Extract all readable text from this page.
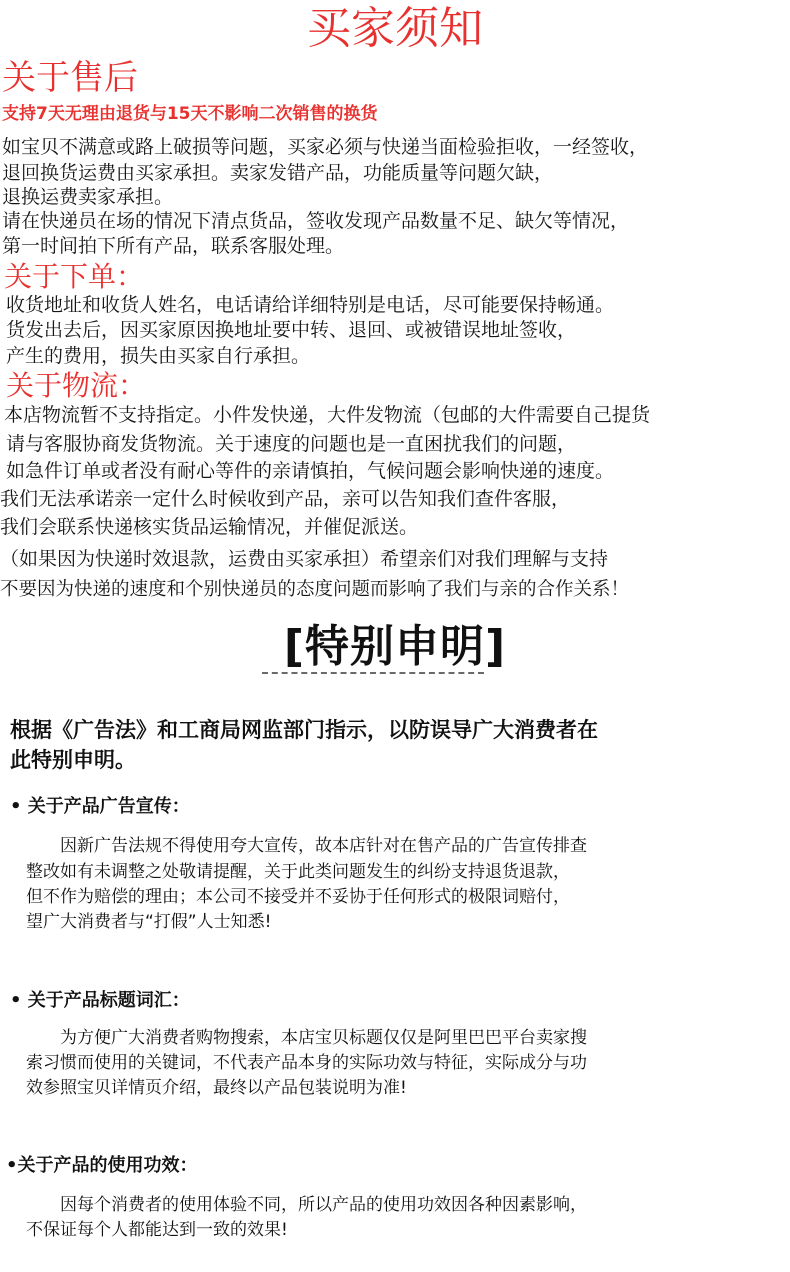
买家须知
关于售后
支持7天无理由退货与15天不影响二次销售的换货
如宝贝不满意或路上破损等问题，买家必须与快递当面检验拒收，一经签收，
退回换货运费由买家承担。卖家发错产品，功能质量等问题欠缺，
退换运费卖家承担。
请在快递员在场的情况下清点货品，签收发现产品数量不足、缺欠等情况，
第一时间拍下所有产品，联系客服处理。
关于下单：
收货地址和收货人姓名，电话请给详细特别是电话，尽可能要保持畅通。
货发出去后，因买家原因换地址要中转、退回、或被错误地址签收，
产生的费用，损失由买家自行承担。
关于物流：
本店物流暂不支持指定。小件发快递，大件发物流（包邮的大件需要自己提货
请与客服协商发货物流。关于速度的问题也是一直困扰我们的问题，
如急件订单或者没有耐心等件的亲请慎拍，气候问题会影响快递的速度。
我们无法承诺亲一定什么时候收到产品，亲可以告知我们查件客服，
我们会联系快递核实货品运输情况，并催促派送。
（如果因为快递时效退款，运费由买家承担）希望亲们对我们理解与支持
不要因为快递的速度和个别快递员的态度问题而影响了我们与亲的合作关系！
[特别申明]
根据《广告法》和工商局网监部门指示，以防误导广大消费者在
此特别申明。
• 关于产品广告宣传：
因新广告法规不得使用夸大宣传，故本店针对在售产品的广告宣传排查
整改如有未调整之处敬请提醒，关于此类问题发生的纠纷支持退货退款，
但不作为赔偿的理由；本公司不接受并不妥协于任何形式的极限词赔付，
望广大消费者与“打假”人士知悉!
• 关于产品标题词汇：
为方便广大消费者购物搜索，本店宝贝标题仅仅是阿里巴巴平台卖家搜
索习惯而使用的关键词，不代表产品本身的实际功效与特征，实际成分与功
效参照宝贝详情页介绍，最终以产品包装说明为准!
•关于产品的使用功效：
因每个消费者的使用体验不同，所以产品的使用功效因各种因素影响，
不保证每个人都能达到一致的效果!
